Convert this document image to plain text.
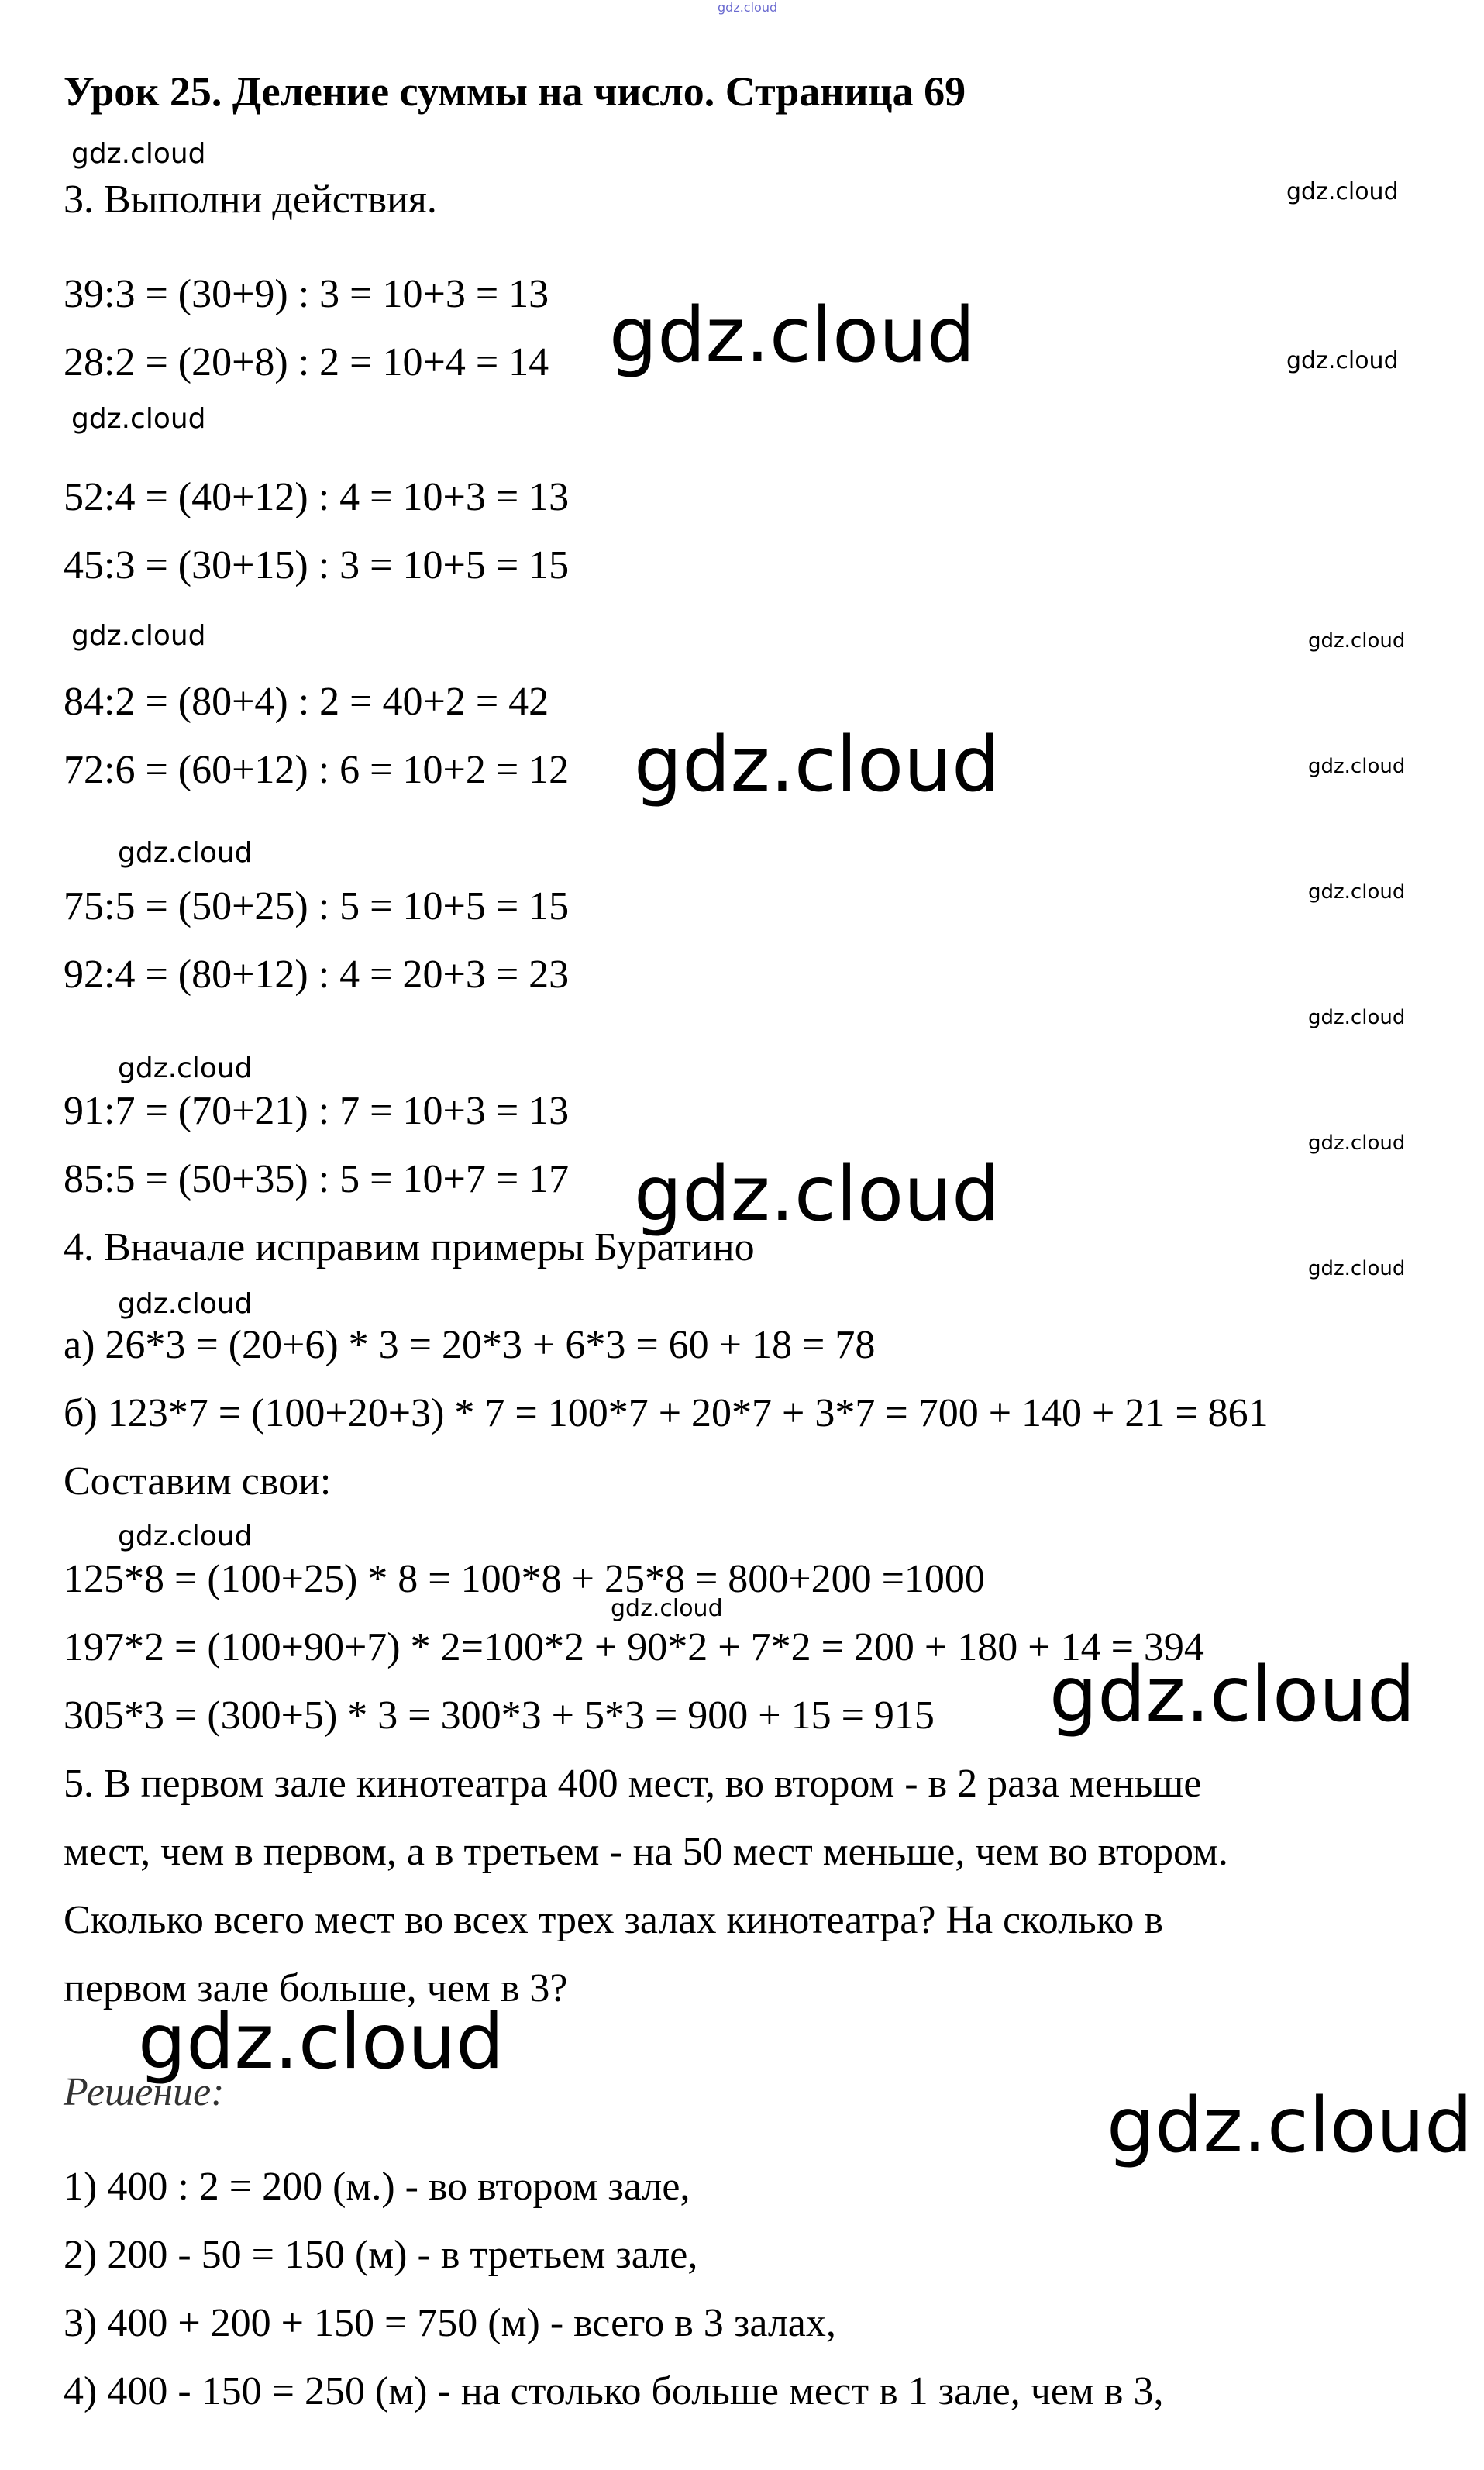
gdz.cloud
gdz.cloud
gdz.cloud
gdz.cloud	gdz.cloud
gdz.cloud
gdz.cloud	gdz.cloud
gdz.cloud	gdz.cloud
gdz.cloud
gdz.cloud
gdz.cloud
gdz.cloud
gdz.cloud
gdz.cloud
gdz.cloud
gdz.cloud
gdz.cloud
gdz.cloud
gdz.cloud
gdz.cloud
gdz.cloud
Урок 25. Деление суммы на число. Страница 69
3. Выполни действия.
39:3 = (30+9) : 3 = 10+3 = 13
28:2 = (20+8) : 2 = 10+4 = 14
52:4 = (40+12) : 4 = 10+3 = 13
45:3 = (30+15) : 3 = 10+5 = 15
84:2 = (80+4) : 2 = 40+2 = 42
72:6 = (60+12) : 6 = 10+2 = 12
75:5 = (50+25) : 5 = 10+5 = 15
92:4 = (80+12) : 4 = 20+3 = 23
91:7 = (70+21) : 7 = 10+3 = 13
85:5 = (50+35) : 5 = 10+7 = 17
4. Вначале исправим примеры Буратино
а) 26*3 = (20+6) * 3 = 20*3 + 6*3 = 60 + 18 = 78
б) 123*7 = (100+20+3) * 7 = 100*7 + 20*7 + 3*7 = 700 + 140 + 21 = 861
Составим свои:
125*8 = (100+25) * 8 = 100*8 + 25*8 = 800+200 =1000
197*2 = (100+90+7) * 2=100*2 + 90*2 + 7*2 = 200 + 180 + 14 = 394
305*3 = (300+5) * 3 = 300*3 + 5*3 = 900 + 15 = 915
5. В первом зале кинотеатра 400 мест, во втором - в 2 раза меньше
мест, чем в первом, а в третьем - на 50 мест меньше, чем во втором.
Сколько всего мест во всех трех залах кинотеатра? На сколько в
первом зале больше, чем в 3?
Решение:
1) 400 : 2 = 200 (м.) - во втором зале,
2) 200 - 50 = 150 (м) - в третьем зале,
3) 400 + 200 + 150 = 750 (м) - всего в 3 залах,
4) 400 - 150 = 250 (м) - на столько больше мест в 1 зале, чем в 3,
